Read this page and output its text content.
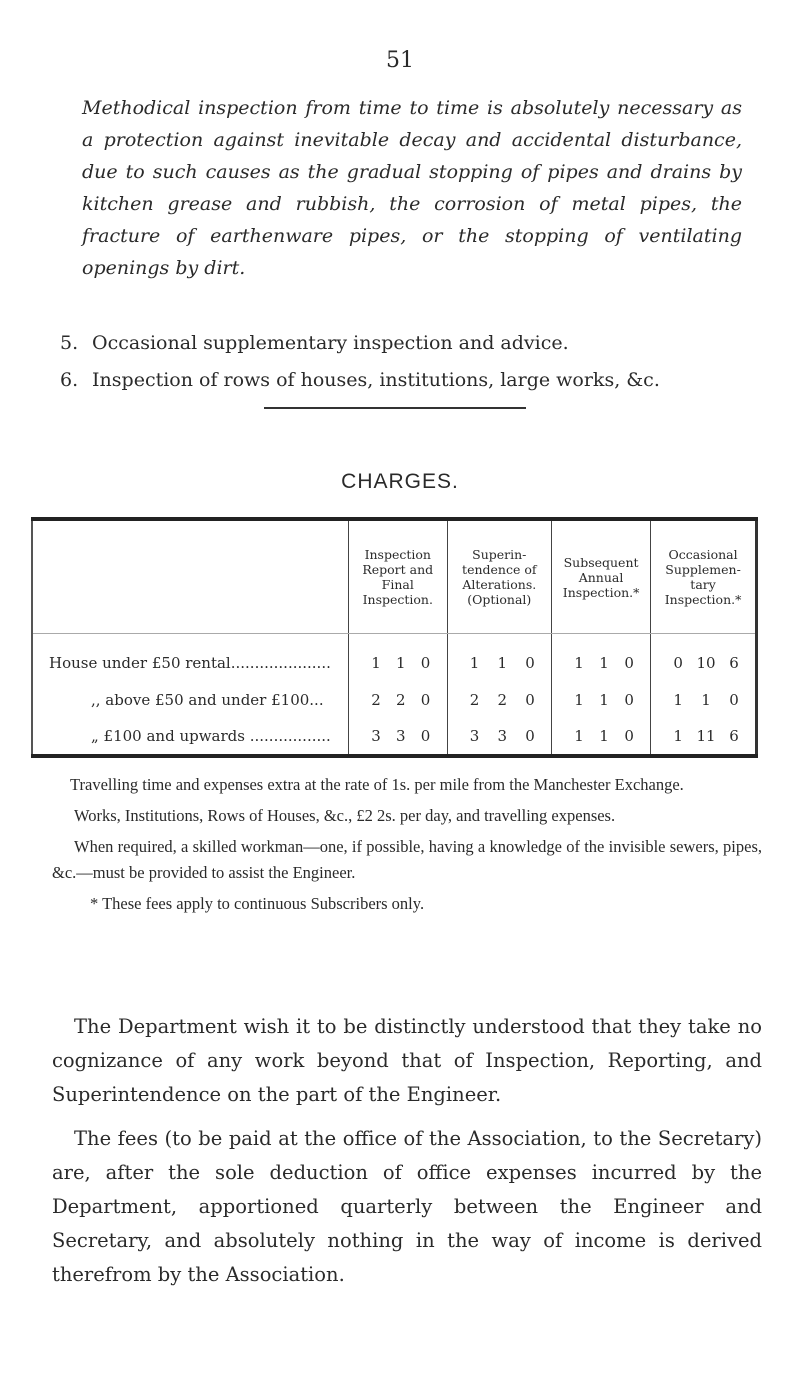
51

Methodical inspection from time to time is absolutely necessary as a protection against inevitable decay and accidental disturbance, due to such causes as the gradual stopping of pipes and drains by kitchen grease and rubbish, the corrosion of metal pipes, the fracture of earthenware pipes, or the stopping of ventilating openings by dirt.

5. Occasional supplementary inspection and advice.
6. Inspection of rows of houses, institutions, large works, &c.
CHARGES.
	Inspection Report and Final Inspection.	Superin- tendence of Alterations. (Optional)	Subsequent Annual Inspection.*	Occasional Supplemen- tary Inspection.*
House under £50 rental.....................	1 1 0	1 1 0	1 1 0	0 10 6

,, above £50 and under £100...	2 2 0	2 2 0	1 1 0	1 1 0

„ £100 and upwards .................	3 3 0	3 3 0	1 1 0	1 11 6

Travelling time and expenses extra at the rate of 1s. per mile from the Manchester Exchange.

Works, Institutions, Rows of Houses, &c., £2 2s. per day, and travelling expenses.

When required, a skilled workman—one, if possible, having a knowledge of the invisible sewers, pipes, &c.—must be provided to assist the Engineer.

* These fees apply to continuous Subscribers only.

The Department wish it to be distinctly understood that they take no cognizance of any work beyond that of Inspection, Reporting, and Superintendence on the part of the Engineer.

The fees (to be paid at the office of the Association, to the Secretary) are, after the sole deduction of office expenses incurred by the Department, apportioned quarterly between the Engineer and Secretary, and absolutely nothing in the way of income is derived therefrom by the Association.
